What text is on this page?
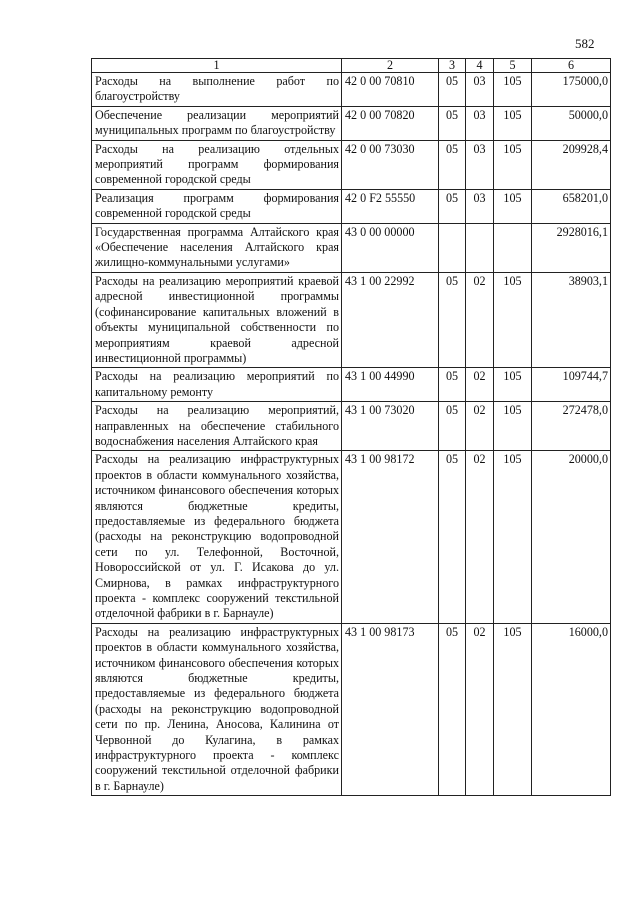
582
1	2	3	4	5	6
Расходы на выполнение работ по благоустройству	42 0 00 70810	05	03	105	175000,0
Обеспечение реализации мероприятий муниципальных программ по благоустройству	42 0 00 70820	05	03	105	50000,0
Расходы на реализацию отдельных мероприятий программ формирования современной городской среды	42 0 00 73030	05	03	105	209928,4
Реализация программ формирования современной городской среды	42 0 F2 55550	05	03	105	658201,0
Государственная программа Алтайского края «Обеспечение населения Алтайского края жилищно-коммунальными услугами»	43 0 00 00000				2928016,1
Расходы на реализацию мероприятий краевой адресной инвестиционной программы (софинансирование капитальных вложений в объекты муниципальной собственности по мероприятиям краевой адресной инвестиционной программы)	43 1 00 22992	05	02	105	38903,1
Расходы на реализацию мероприятий по капитальному ремонту	43 1 00 44990	05	02	105	109744,7
Расходы на реализацию мероприятий, направленных на обеспечение стабильного водоснабжения населения Алтайского края	43 1 00 73020	05	02	105	272478,0
Расходы на реализацию инфраструктурных проектов в области коммунального хозяйства, источником финансового обеспечения которых являются бюджетные кредиты, предоставляемые из федерального бюджета (расходы на реконструкцию водопроводной сети по ул. Телефонной, Восточной, Новороссийской от ул. Г. Исакова до ул. Смирнова, в рамках инфраструктурного проекта - комплекс сооружений текстильной отделочной фабрики в г. Барнауле)	43 1 00 98172	05	02	105	20000,0
Расходы на реализацию инфраструктурных проектов в области коммунального хозяйства, источником финансового обеспечения которых являются бюджетные кредиты, предоставляемые из федерального бюджета (расходы на реконструкцию водопроводной сети по пр. Ленина, Аносова, Калинина от Червонной до Кулагина, в рамках инфраструктурного проекта - комплекс сооружений текстильной отделочной фабрики в г. Барнауле)	43 1 00 98173	05	02	105	16000,0
